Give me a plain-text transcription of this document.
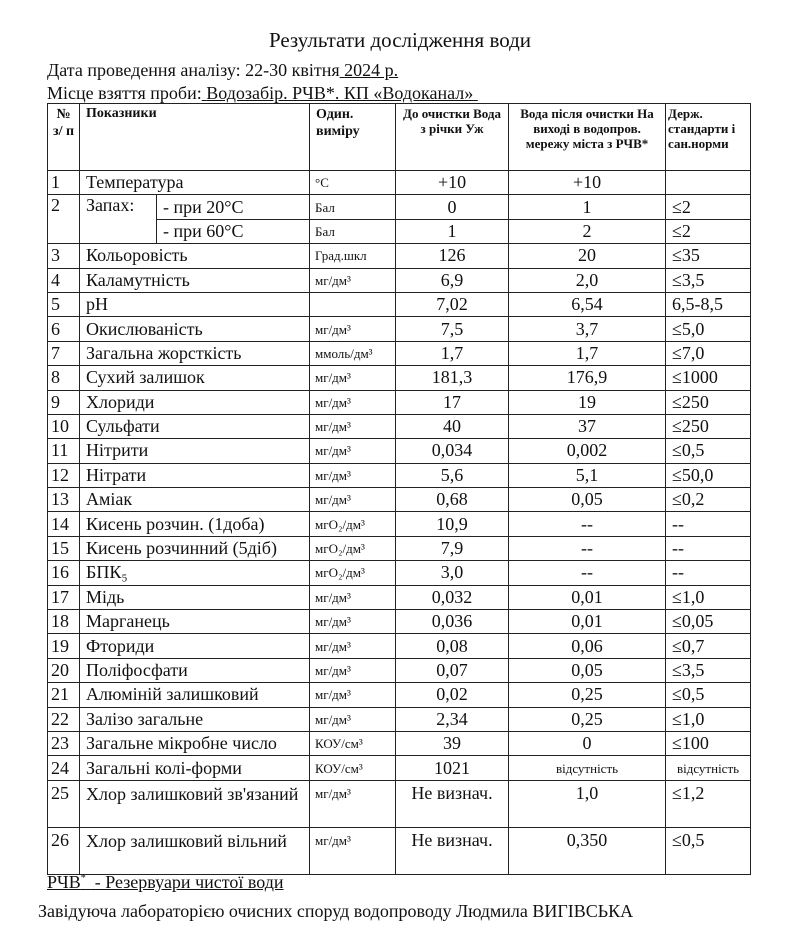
Результати дослідження води
Дата проведення аналізу: 22-30 квітня 2024 р.
Місце взяття проби: Водозабір. РЧВ*. КП «Водоканал»
№ з/ п	Показники		Один. виміру	До очистки Вода з річки Уж	Вода після очистки На виході в водопров. мережу міста з РЧВ*	Держ. стандарти і сан.норми
1	Температура		°С	+10	+10	
2	Запах:	- при 20°С	Бал	0	1	≤2
		- при 60°С	Бал	1	2	≤2
3	Кольоровість		Град.шкл	126	20	≤35
4	Каламутність		мг/дм³	6,9	2,0	≤3,5
5	рН			7,02	6,54	6,5-8,5
6	Окислюваність		мг/дм³	7,5	3,7	≤5,0
7	Загальна жорсткість		ммоль/дм³	1,7	1,7	≤7,0
8	Сухий залишок		мг/дм³	181,3	176,9	≤1000
9	Хлориди		мг/дм³	17	19	≤250
10	Сульфати		мг/дм³	40	37	≤250
11	Нітрити		мг/дм³	0,034	0,002	≤0,5
12	Нітрати		мг/дм³	5,6	5,1	≤50,0
13	Аміак		мг/дм³	0,68	0,05	≤0,2
14	Кисень розчин. (1доба)		мгО₂/дм³	10,9	--	--
15	Кисень розчинний (5діб)		мгО₂/дм³	7,9	--	--
16	БПК₅		мгО₂/дм³	3,0	--	--
17	Мідь		мг/дм³	0,032	0,01	≤1,0
18	Марганець		мг/дм³	0,036	0,01	≤0,05
19	Фториди		мг/дм³	0,08	0,06	≤0,7
20	Поліфосфати		мг/дм³	0,07	0,05	≤3,5
21	Алюміній залишковий		мг/дм³	0,02	0,25	≤0,5
22	Залізо загальне		мг/дм³	2,34	0,25	≤1,0
23	Загальне мікробне число		КОУ/см³	39	0	≤100
24	Загальні колі-форми		КОУ/см³	1021	відсутність	відсутність
25	Хлор залишковий зв'язаний		мг/дм³	Не визнач.	1,0	≤1,2
26	Хлор залишковий вільний		мг/дм³	Не визнач.	0,350	≤0,5
РЧВ*  - Резервуари чистої води
Завідуюча лабораторією очисних споруд водопроводу Людмила ВИГІВСЬКА
